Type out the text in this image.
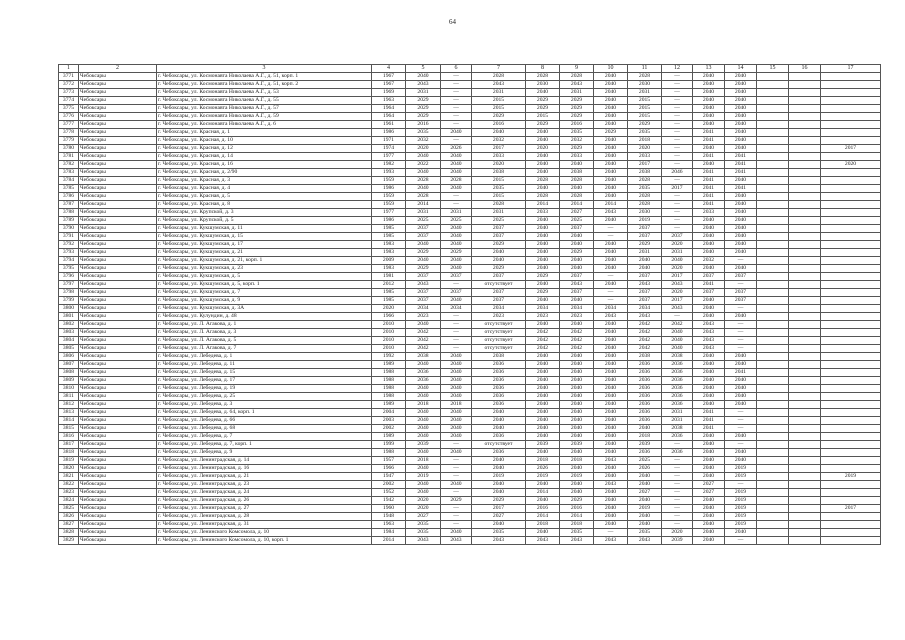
64
1	2	3	4	5	6	7	8	9	10	11	12	13	14	15	16	17
3771	Чебоксары	г. Чебоксары, ул. Космонавта Николаева А.Г., д. 51, корп. 1	1967	2040	—	2028	2028	2028	2040	2028	—	2040	2040			
3772	Чебоксары	г. Чебоксары, ул. Космонавта Николаева А.Г., д. 51, корп. 2	1967	2043	—	2043	2030	2043	2040	2030	—	2040	2040			
3773	Чебоксары	г. Чебоксары, ул. Космонавта Николаева А.Г., д. 53	1969	2031	—	2031	2040	2031	2040	2031	—	2040	2040			
3774	Чебоксары	г. Чебоксары, ул. Космонавта Николаева А.Г., д. 55	1963	2029	—	2015	2029	2029	2040	2015	—	2040	2040			
3775	Чебоксары	г. Чебоксары, ул. Космонавта Николаева А.Г., д. 57	1964	2029	—	2015	2029	2029	2040	2015	—	2040	2040			
3776	Чебоксары	г. Чебоксары, ул. Космонавта Николаева А.Г., д. 59	1964	2029	—	2029	2015	2029	2040	2015	—	2040	2040			
3777	Чебоксары	г. Чебоксары, ул. Космонавта Николаева А.Г., д. 6	1961	2016	—	2016	2029	2016	2040	2029	—	2040	2040			
3778	Чебоксары	г. Чебоксары, ул. Красная, д. 1	1986	2035	2040	2040	2040	2035	2029	2035	—	2041	2040			
3779	Чебоксары	г. Чебоксары, ул. Красная, д. 10	1971	2032	—	2032	2040	2032	2040	2018	—	2041	2040			
3780	Чебоксары	г. Чебоксары, ул. Красная, д. 12	1974	2020	2026	2017	2020	2029	2040	2020	—	2040	2040			2017
3781	Чебоксары	г. Чебоксары, ул. Красная, д. 14	1977	2040	2040	2033	2040	2033	2040	2033	—	2041	2041			
3782	Чебоксары	г. Чебоксары, ул. Красная, д. 16	1982	2022	2040	2020	2040	2040	2040	2017	—	2040	2041			2020
3783	Чебоксары	г. Чебоксары, ул. Красная, д. 2/90	1993	2040	2040	2038	2040	2038	2040	2038	2046	2041	2041			
3784	Чебоксары	г. Чебоксары, ул. Красная, д. 3	1959	2028	2028	2015	2028	2028	2040	2028	—	2041	2040			
3785	Чебоксары	г. Чебоксары, ул. Красная, д. 4	1986	2040	2040	2035	2040	2040	2040	2035	2017	2041	2041			
3786	Чебоксары	г. Чебоксары, ул. Красная, д. 5	1959	2028	—	2015	2028	2028	2040	2028	—	2041	2040			
3787	Чебоксары	г. Чебоксары, ул. Красная, д. 8	1959	2014	—	2028	2014	2014	2014	2028	—	2041	2040			
3788	Чебоксары	г. Чебоксары, ул. Крупской, д. 3	1977	2031	2031	2031	2033	2027	2043	2030	—	2033	2040			
3789	Чебоксары	г. Чебоксары, ул. Крупской, д. 5	1986	2025	2025	2025	2040	2025	2040	2019	—	2040	2040			
3790	Чебоксары	г. Чебоксары, ул. Кукшумская, д. 11	1985	2037	2040	2037	2040	2037	—	2037	—	2040	2040			
3791	Чебоксары	г. Чебоксары, ул. Кукшумская, д. 15	1985	2037	2040	2037	2040	2040	—	2037	2037	2040	2040			
3792	Чебоксары	г. Чебоксары, ул. Кукшумская, д. 17	1983	2040	2040	2029	2040	2040	2040	2029	2020	2040	2040			
3793	Чебоксары	г. Чебоксары, ул. Кукшумская, д. 21	1983	2029	2029	2040	2040	2029	2040	2031	2031	2040	2040			
3794	Чебоксары	г. Чебоксары, ул. Кукшумская, д. 21, корп. 1	2009	2040	2040	2040	2040	2040	2040	2040	2040	2032	—			
3795	Чебоксары	г. Чебоксары, ул. Кукшумская, д. 23	1983	2029	2040	2029	2040	2040	2040	2040	2020	2040	2040			
3796	Чебоксары	г. Чебоксары, ул. Кукшумская, д. 5	1981	2037	2037	2037	2029	2037	—	2037	2017	2037	2037			
3797	Чебоксары	г. Чебоксары, ул. Кукшумская, д. 5, корп. 1	2012	2043	—	отсутствует	2040	2043	2040	2043	2043	2041	—			
3798	Чебоксары	г. Чебоксары, ул. Кукшумская, д. 7	1985	2037	2037	2037	2029	2037	—	2037	2020	2037	2037			
3799	Чебоксары	г. Чебоксары, ул. Кукшумская, д. 9	1985	2037	2040	2037	2040	2040	—	2037	2017	2040	2037			
3800	Чебоксары	г. Чебоксары, ул. Кукшумская, д. 3А	2020	2034	2034	2034	2034	2034	2034	2034	2043	2040	—			
3801	Чебоксары	г. Чебоксары, ул. Кулундин, д. 48	1966	2023	—	2023	2023	2023	2043	2043	—	2040	2040			
3802	Чебоксары	г. Чебоксары, ул. Л. Агакова, д. 1	2010	2040	—	отсутствует	2040	2040	2040	2042	2042	2043	—			
3803	Чебоксары	г. Чебоксары, ул. Л. Агакова, д. 3	2010	2042	—	отсутствует	2042	2042	2040	2042	2040	2043	—			
3804	Чебоксары	г. Чебоксары, ул. Л. Агакова, д. 5	2010	2042	—	отсутствует	2042	2042	2040	2042	2040	2043	—			
3805	Чебоксары	г. Чебоксары, ул. Л. Агакова, д. 7	2010	2042	—	отсутствует	2042	2042	2040	2042	2040	2043	—			
3806	Чебоксары	г. Чебоксары, ул. Лебедева, д. 1	1992	2038	2040	2038	2040	2040	2040	2038	2038	2040	2040			
3807	Чебоксары	г. Чебоксары, ул. Лебедева, д. 11	1989	2040	2040	2036	2040	2040	2040	2036	2036	2040	2040			
3808	Чебоксары	г. Чебоксары, ул. Лебедева, д. 15	1988	2036	2040	2036	2040	2040	2040	2036	2036	2040	2041			
3809	Чебоксары	г. Чебоксары, ул. Лебедева, д. 17	1988	2036	2040	2036	2040	2040	2040	2036	2036	2040	2040			
3810	Чебоксары	г. Чебоксары, ул. Лебедева, д. 19	1988	2040	2040	2036	2040	2040	2040	2036	2036	2040	2040			
3811	Чебоксары	г. Чебоксары, ул. Лебедева, д. 25	1988	2040	2040	2036	2040	2040	2040	2036	2036	2040	2040			
3812	Чебоксары	г. Чебоксары, ул. Лебедева, д. 3	1989	2018	2018	2036	2040	2040	2040	2036	2036	2040	2040			
3813	Чебоксары	г. Чебоксары, ул. Лебедева, д. 64, корп. 1	2004	2040	2040	2040	2040	2040	2040	2036	2031	2041	—			
3814	Чебоксары	г. Чебоксары, ул. Лебедева, д. 66	2003	2040	2040	2040	2040	2040	2040	2036	2031	2041	—			
3815	Чебоксары	г. Чебоксары, ул. Лебедева, д. 68	2002	2040	2040	2040	2040	2040	2040	2040	2038	2041	—			
3816	Чебоксары	г. Чебоксары, ул. Лебедева, д. 7	1989	2040	2040	2036	2040	2040	2040	2018	2036	2040	2040			
3817	Чебоксары	г. Чебоксары, ул. Лебедева, д. 7, корп. 1	1999	2039	—	отсутствует	2039	2039	2040	2039	—	2040	—			
3818	Чебоксары	г. Чебоксары, ул. Лебедева, д. 9	1988	2040	2040	2036	2040	2040	2040	2036	2036	2040	2040			
3819	Чебоксары	г. Чебоксары, ул. Ленинградская, д. 14	1957	2018	—	2040	2018	2018	2043	2025	—	2040	2040			
3820	Чебоксары	г. Чебоксары, ул. Ленинградская, д. 16	1966	2040	—	2040	2026	2040	2040	2026	—	2040	2019			
3821	Чебоксары	г. Чебоксары, ул. Ленинградская, д. 21	1947	2019	—	2019	2019	2019	2040	2040	—	2040	2019			2019
3822	Чебоксары	г. Чебоксары, ул. Ленинградская, д. 23	2002	2040	2040	2040	2040	2040	2043	2040	—	2027	—			
3823	Чебоксары	г. Чебоксары, ул. Ленинградская, д. 24	1952	2040	—	2040	2014	2040	2040	2027	—	2027	2019			
3824	Чебоксары	г. Чебоксары, ул. Ленинградская, д. 26	1942	2020	2029	2029	2040	2029	2040	2040	—	2040	2019			
3825	Чебоксары	г. Чебоксары, ул. Ленинградская, д. 27	1960	2020	—	2017	2016	2016	2040	2019	—	2040	2019			2017
3826	Чебоксары	г. Чебоксары, ул. Ленинградская, д. 28	1948	2027	—	2027	2014	2014	2040	2040	—	2040	2019			
3827	Чебоксары	г. Чебоксары, ул. Ленинградская, д. 31	1963	2035	—	2040	2018	2018	2040	2040	—	2040	2019			
3828	Чебоксары	г. Чебоксары, ул. Ленинского Комсомола, д. 10	1984	2035	2040	2035	2040	2035	—	2035	2020	2040	2040			
3829	Чебоксары	г. Чебоксары, ул. Ленинского Комсомола, д. 10, корп. 1	2014	2043	2043	2043	2043	2043	2043	2043	2039	2040	—			
